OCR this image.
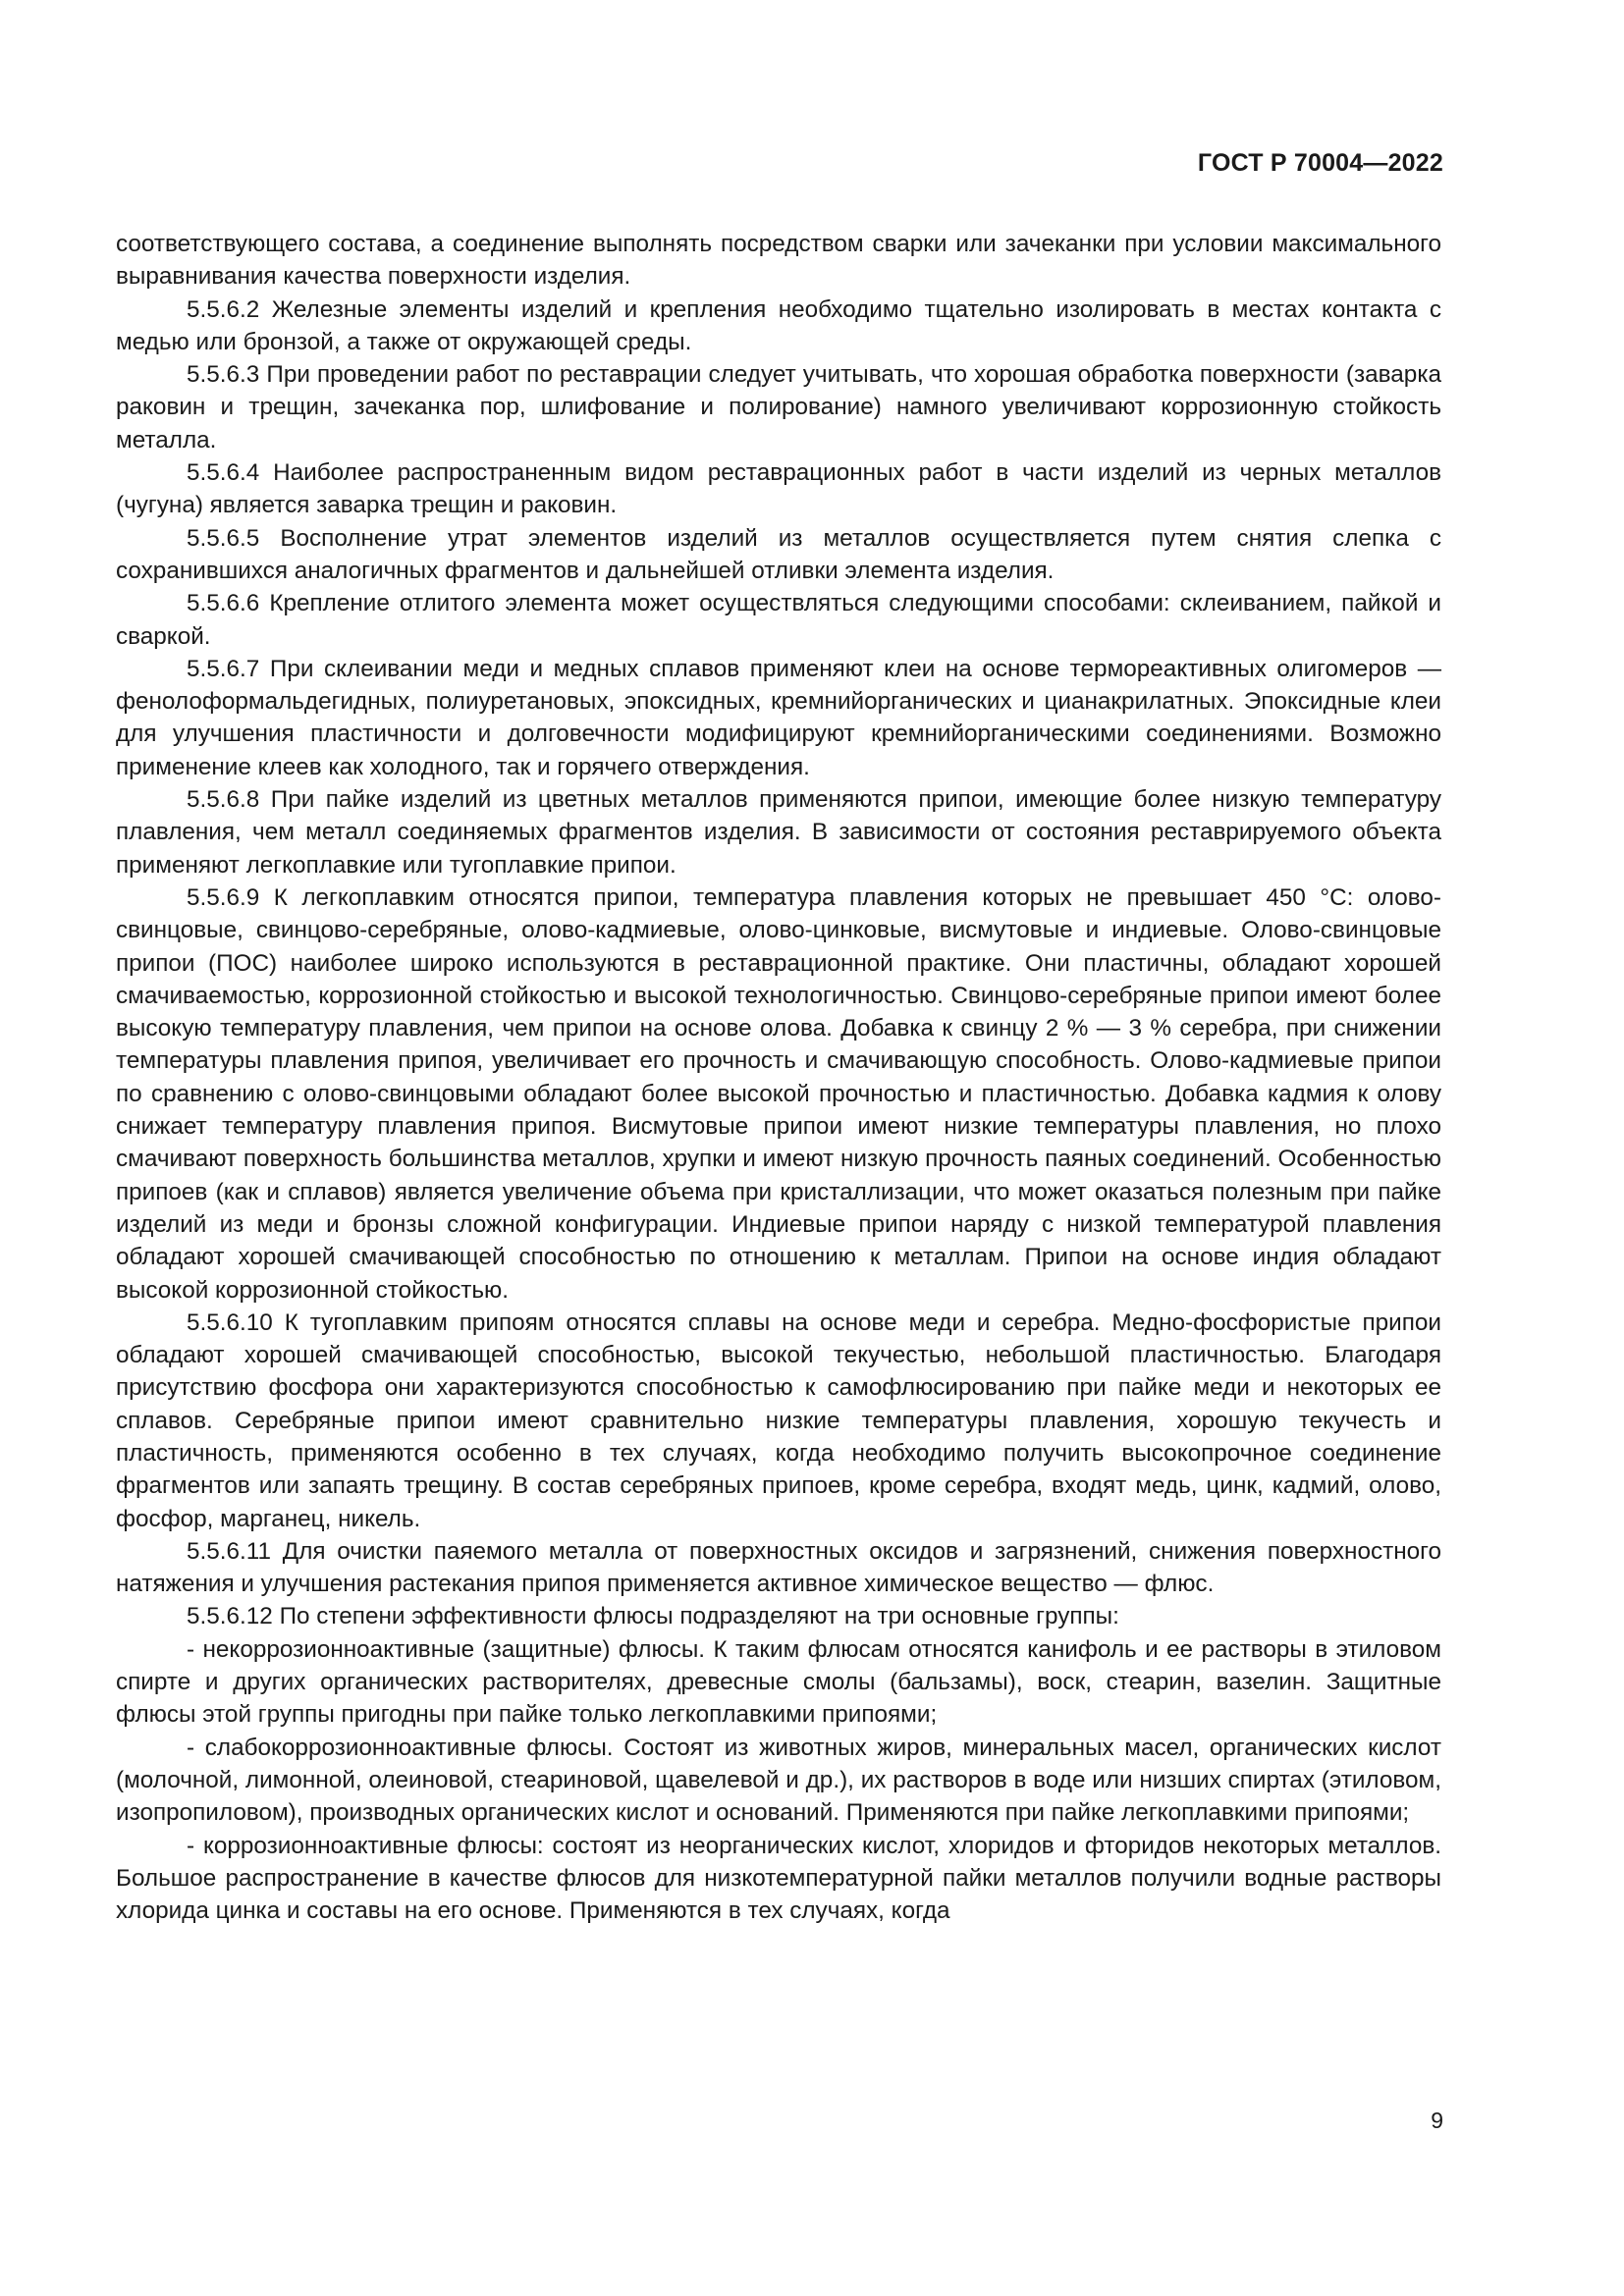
ГОСТ Р 70004—2022

соответствующего состава, а соединение выполнять посредством сварки или зачеканки при условии максимального выравнивания качества поверхности изделия.

5.5.6.2 Железные элементы изделий и крепления необходимо тщательно изолировать в местах контакта с медью или бронзой, а также от окружающей среды.

5.5.6.3 При проведении работ по реставрации следует учитывать, что хорошая обработка поверхности (заварка раковин и трещин, зачеканка пор, шлифование и полирование) намного увеличивают коррозионную стойкость металла.

5.5.6.4 Наиболее распространенным видом реставрационных работ в части изделий из черных металлов (чугуна) является заварка трещин и раковин.

5.5.6.5 Восполнение утрат элементов изделий из металлов осуществляется путем снятия слепка с сохранившихся аналогичных фрагментов и дальнейшей отливки элемента изделия.

5.5.6.6 Крепление отлитого элемента может осуществляться следующими способами: склеиванием, пайкой и сваркой.

5.5.6.7 При склеивании меди и медных сплавов применяют клеи на основе термореактивных олигомеров — фенолоформальдегидных, полиуретановых, эпоксидных, кремнийорганических и цианакрилатных. Эпоксидные клеи для улучшения пластичности и долговечности модифицируют кремнийорганическими соединениями. Возможно применение клеев как холодного, так и горячего отверждения.

5.5.6.8 При пайке изделий из цветных металлов применяются припои, имеющие более низкую температуру плавления, чем металл соединяемых фрагментов изделия. В зависимости от состояния реставрируемого объекта применяют легкоплавкие или тугоплавкие припои.

5.5.6.9 К легкоплавким относятся припои, температура плавления которых не превышает 450 °С: олово-свинцовые, свинцово-серебряные, олово-кадмиевые, олово-цинковые, висмутовые и индиевые. Олово-свинцовые припои (ПОС) наиболее широко используются в реставрационной практике. Они пластичны, обладают хорошей смачиваемостью, коррозионной стойкостью и высокой технологичностью. Свинцово-серебряные припои имеют более высокую температуру плавления, чем припои на основе олова. Добавка к свинцу 2 % — 3 % серебра, при снижении температуры плавления припоя, увеличивает его прочность и смачивающую способность. Олово-кадмиевые припои по сравнению с олово-свинцовыми обладают более высокой прочностью и пластичностью. Добавка кадмия к олову снижает температуру плавления припоя. Висмутовые припои имеют низкие температуры плавления, но плохо смачивают поверхность большинства металлов, хрупки и имеют низкую прочность паяных соединений. Особенностью припоев (как и сплавов) является увеличение объема при кристаллизации, что может оказаться полезным при пайке изделий из меди и бронзы сложной конфигурации. Индиевые припои наряду с низкой температурой плавления обладают хорошей смачивающей способностью по отношению к металлам. Припои на основе индия обладают высокой коррозионной стойкостью.

5.5.6.10 К тугоплавким припоям относятся сплавы на основе меди и серебра. Медно-фосфористые припои обладают хорошей смачивающей способностью, высокой текучестью, небольшой пластичностью. Благодаря присутствию фосфора они характеризуются способностью к самофлюсированию при пайке меди и некоторых ее сплавов. Серебряные припои имеют сравнительно низкие температуры плавления, хорошую текучесть и пластичность, применяются особенно в тех случаях, когда необходимо получить высокопрочное соединение фрагментов или запаять трещину. В состав серебряных припоев, кроме серебра, входят медь, цинк, кадмий, олово, фосфор, марганец, никель.

5.5.6.11 Для очистки паяемого металла от поверхностных оксидов и загрязнений, снижения поверхностного натяжения и улучшения растекания припоя применяется активное химическое вещество — флюс.

5.5.6.12 По степени эффективности флюсы подразделяют на три основные группы:

- некоррозионноактивные (защитные) флюсы. К таким флюсам относятся канифоль и ее растворы в этиловом спирте и других органических растворителях, древесные смолы (бальзамы), воск, стеарин, вазелин. Защитные флюсы этой группы пригодны при пайке только легкоплавкими припоями;

- слабокоррозионноактивные флюсы. Состоят из животных жиров, минеральных масел, органических кислот (молочной, лимонной, олеиновой, стеариновой, щавелевой и др.), их растворов в воде или низших спиртах (этиловом, изопропиловом), производных органических кислот и оснований. Применяются при пайке легкоплавкими припоями;

- коррозионноактивные флюсы: состоят из неорганических кислот, хлоридов и фторидов некоторых металлов. Большое распространение в качестве флюсов для низкотемпературной пайки металлов получили водные растворы хлорида цинка и составы на его основе. Применяются в тех случаях, когда

9
